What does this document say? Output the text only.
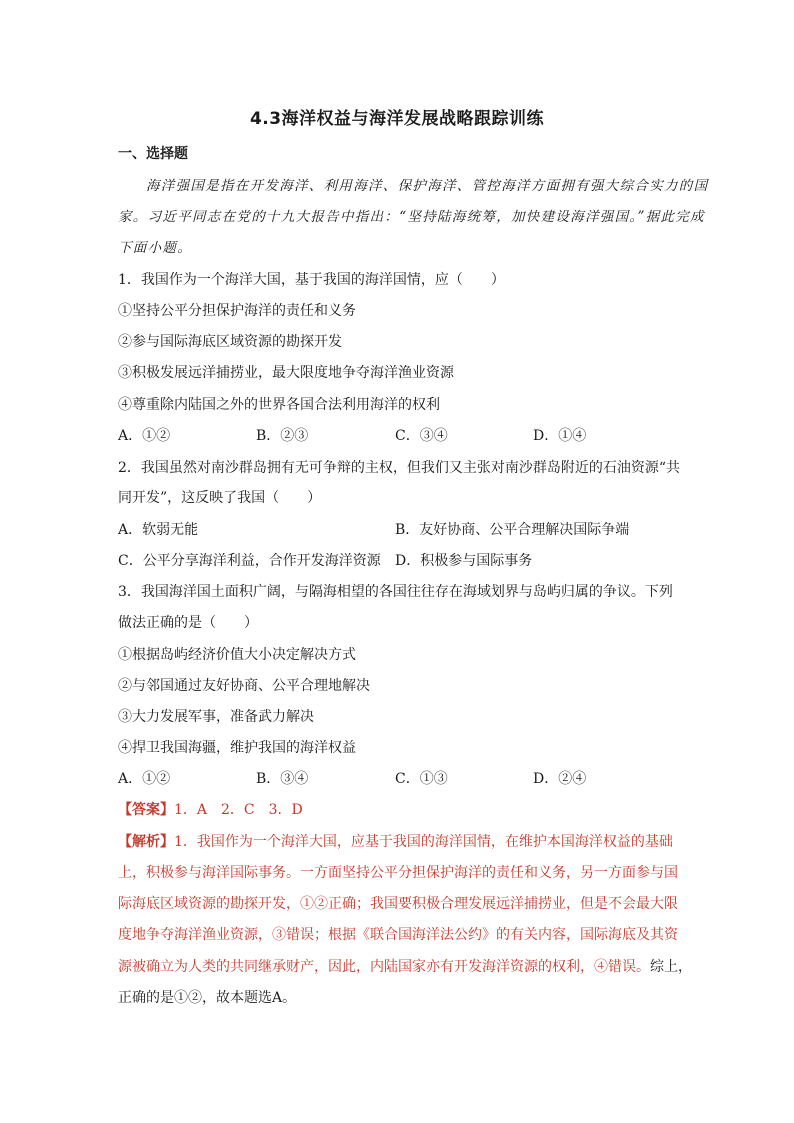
4.3海洋权益与海洋发展战略跟踪训练
一、选择题
海洋强国是指在开发海洋、利用海洋、保护海洋、管控海洋方面拥有强大综合实力的国
家。习近平同志在党的十九大报告中指出：“坚持陆海统筹，加快建设海洋强国。”据此完成
下面小题。
1．我国作为一个海洋大国，基于我国的海洋国情，应（　　）
①坚持公平分担保护海洋的责任和义务
②参与国际海底区域资源的勘探开发
③积极发展远洋捕捞业，最大限度地争夺海洋渔业资源
④尊重除内陆国之外的世界各国合法利用海洋的权利
A．①②	B．②③	C．③④	D．①④
2．我国虽然对南沙群岛拥有无可争辩的主权，但我们又主张对南沙群岛附近的石油资源“共
同开发”，这反映了我国（　　）
A．软弱无能	B．友好协商、公平合理解决国际争端
C．公平分享海洋利益，合作开发海洋资源 D．积极参与国际事务
3．我国海洋国土面积广阔，与隔海相望的各国往往存在海域划界与岛屿归属的争议。下列
做法正确的是（　　）
①根据岛屿经济价值大小决定解决方式
②与邻国通过友好协商、公平合理地解决
③大力发展军事，准备武力解决
④捍卫我国海疆，维护我国的海洋权益
A．①②	B．③④	C．①③	D．②④
【答案】1．A　2．C　3．D
【解析】1．我国作为一个海洋大国，应基于我国的海洋国情，在维护本国海洋权益的基础
上，积极参与海洋国际事务。一方面坚持公平分担保护海洋的责任和义务，另一方面参与国
际海底区域资源的勘探开发，①②正确；我国要积极合理发展远洋捕捞业，但是不会最大限
度地争夺海洋渔业资源，③错误；根据《联合国海洋法公约》的有关内容，国际海底及其资
源被确立为人类的共同继承财产，因此，内陆国家亦有开发海洋资源的权利，④错误。综上，
正确的是①②，故本题选A。
